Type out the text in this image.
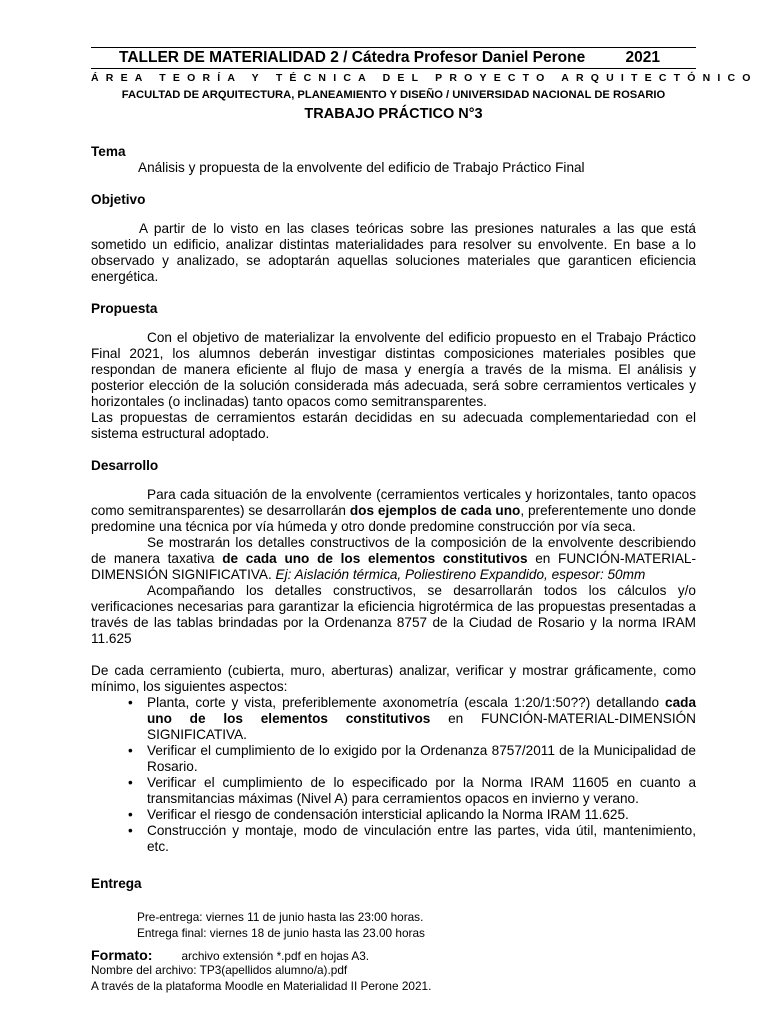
TALLER DE MATERIALIDAD 2 / Cátedra Profesor Daniel Perone	2021
ÁREA TEORÍA Y TÉCNICA DEL PROYECTO ARQUITECTÓNICO
FACULTAD DE ARQUITECTURA, PLANEAMIENTO Y DISEÑO / UNIVERSIDAD NACIONAL DE ROSARIO
TRABAJO PRÁCTICO N°3

Tema

Análisis y propuesta de la envolvente del edificio de Trabajo Práctico Final

Objetivo

A partir de lo visto en las clases teóricas sobre las presiones naturales a las que está sometido un edificio, analizar distintas materialidades para resolver su envolvente. En base a lo observado y analizado, se adoptarán aquellas soluciones materiales que garanticen eficiencia energética.

Propuesta

Con el objetivo de materializar la envolvente del edificio propuesto en el Trabajo Práctico Final 2021, los alumnos deberán investigar distintas composiciones materiales posibles que respondan de manera eficiente al flujo de masa y energía a través de la misma. El análisis y posterior elección de la solución considerada más adecuada, será sobre cerramientos verticales y horizontales (o inclinadas) tanto opacos como semitransparentes.

Las propuestas de cerramientos estarán decididas en su adecuada complementariedad con el sistema estructural adoptado.

Desarrollo

Para cada situación de la envolvente (cerramientos verticales y horizontales, tanto opacos como semitransparentes) se desarrollarán dos ejemplos de cada uno, preferentemente uno donde predomine una técnica por vía húmeda y otro donde predomine construcción por vía seca.

Se mostrarán los detalles constructivos de la composición de la envolvente describiendo de manera taxativa de cada uno de los elementos constitutivos en FUNCIÓN-MATERIAL-DIMENSIÓN SIGNIFICATIVA. Ej: Aislación térmica, Poliestireno Expandido, espesor: 50mm

Acompañando los detalles constructivos, se desarrollarán todos los cálculos y/o verificaciones necesarias para garantizar la eficiencia higrotérmica de las propuestas presentadas a través de las tablas brindadas por la Ordenanza 8757 de la Ciudad de Rosario y la norma IRAM 11.625

De cada cerramiento (cubierta, muro, aberturas) analizar, verificar y mostrar gráficamente, como mínimo, los siguientes aspectos:

• Planta, corte y vista, preferiblemente axonometría (escala 1:20/1:50??) detallando cada uno de los elementos constitutivos en FUNCIÓN-MATERIAL-DIMENSIÓN SIGNIFICATIVA.
• Verificar el cumplimiento de lo exigido por la Ordenanza 8757/2011 de la Municipalidad de Rosario.
• Verificar el cumplimiento de lo especificado por la Norma IRAM 11605 en cuanto a transmitancias máximas (Nivel A) para cerramientos opacos en invierno y verano.
• Verificar el riesgo de condensación intersticial aplicando la Norma IRAM 11.625.
• Construcción y montaje, modo de vinculación entre las partes, vida útil, mantenimiento, etc.

Entrega

Pre-entrega: viernes 11 de junio hasta las 23:00 horas.

Entrega final: viernes 18 de junio hasta las 23.00 horas

Formato: archivo extensión *.pdf en hojas A3.

Nombre del archivo: TP3(apellidos alumno/a).pdf

A través de la plataforma Moodle en Materialidad II Perone 2021.
